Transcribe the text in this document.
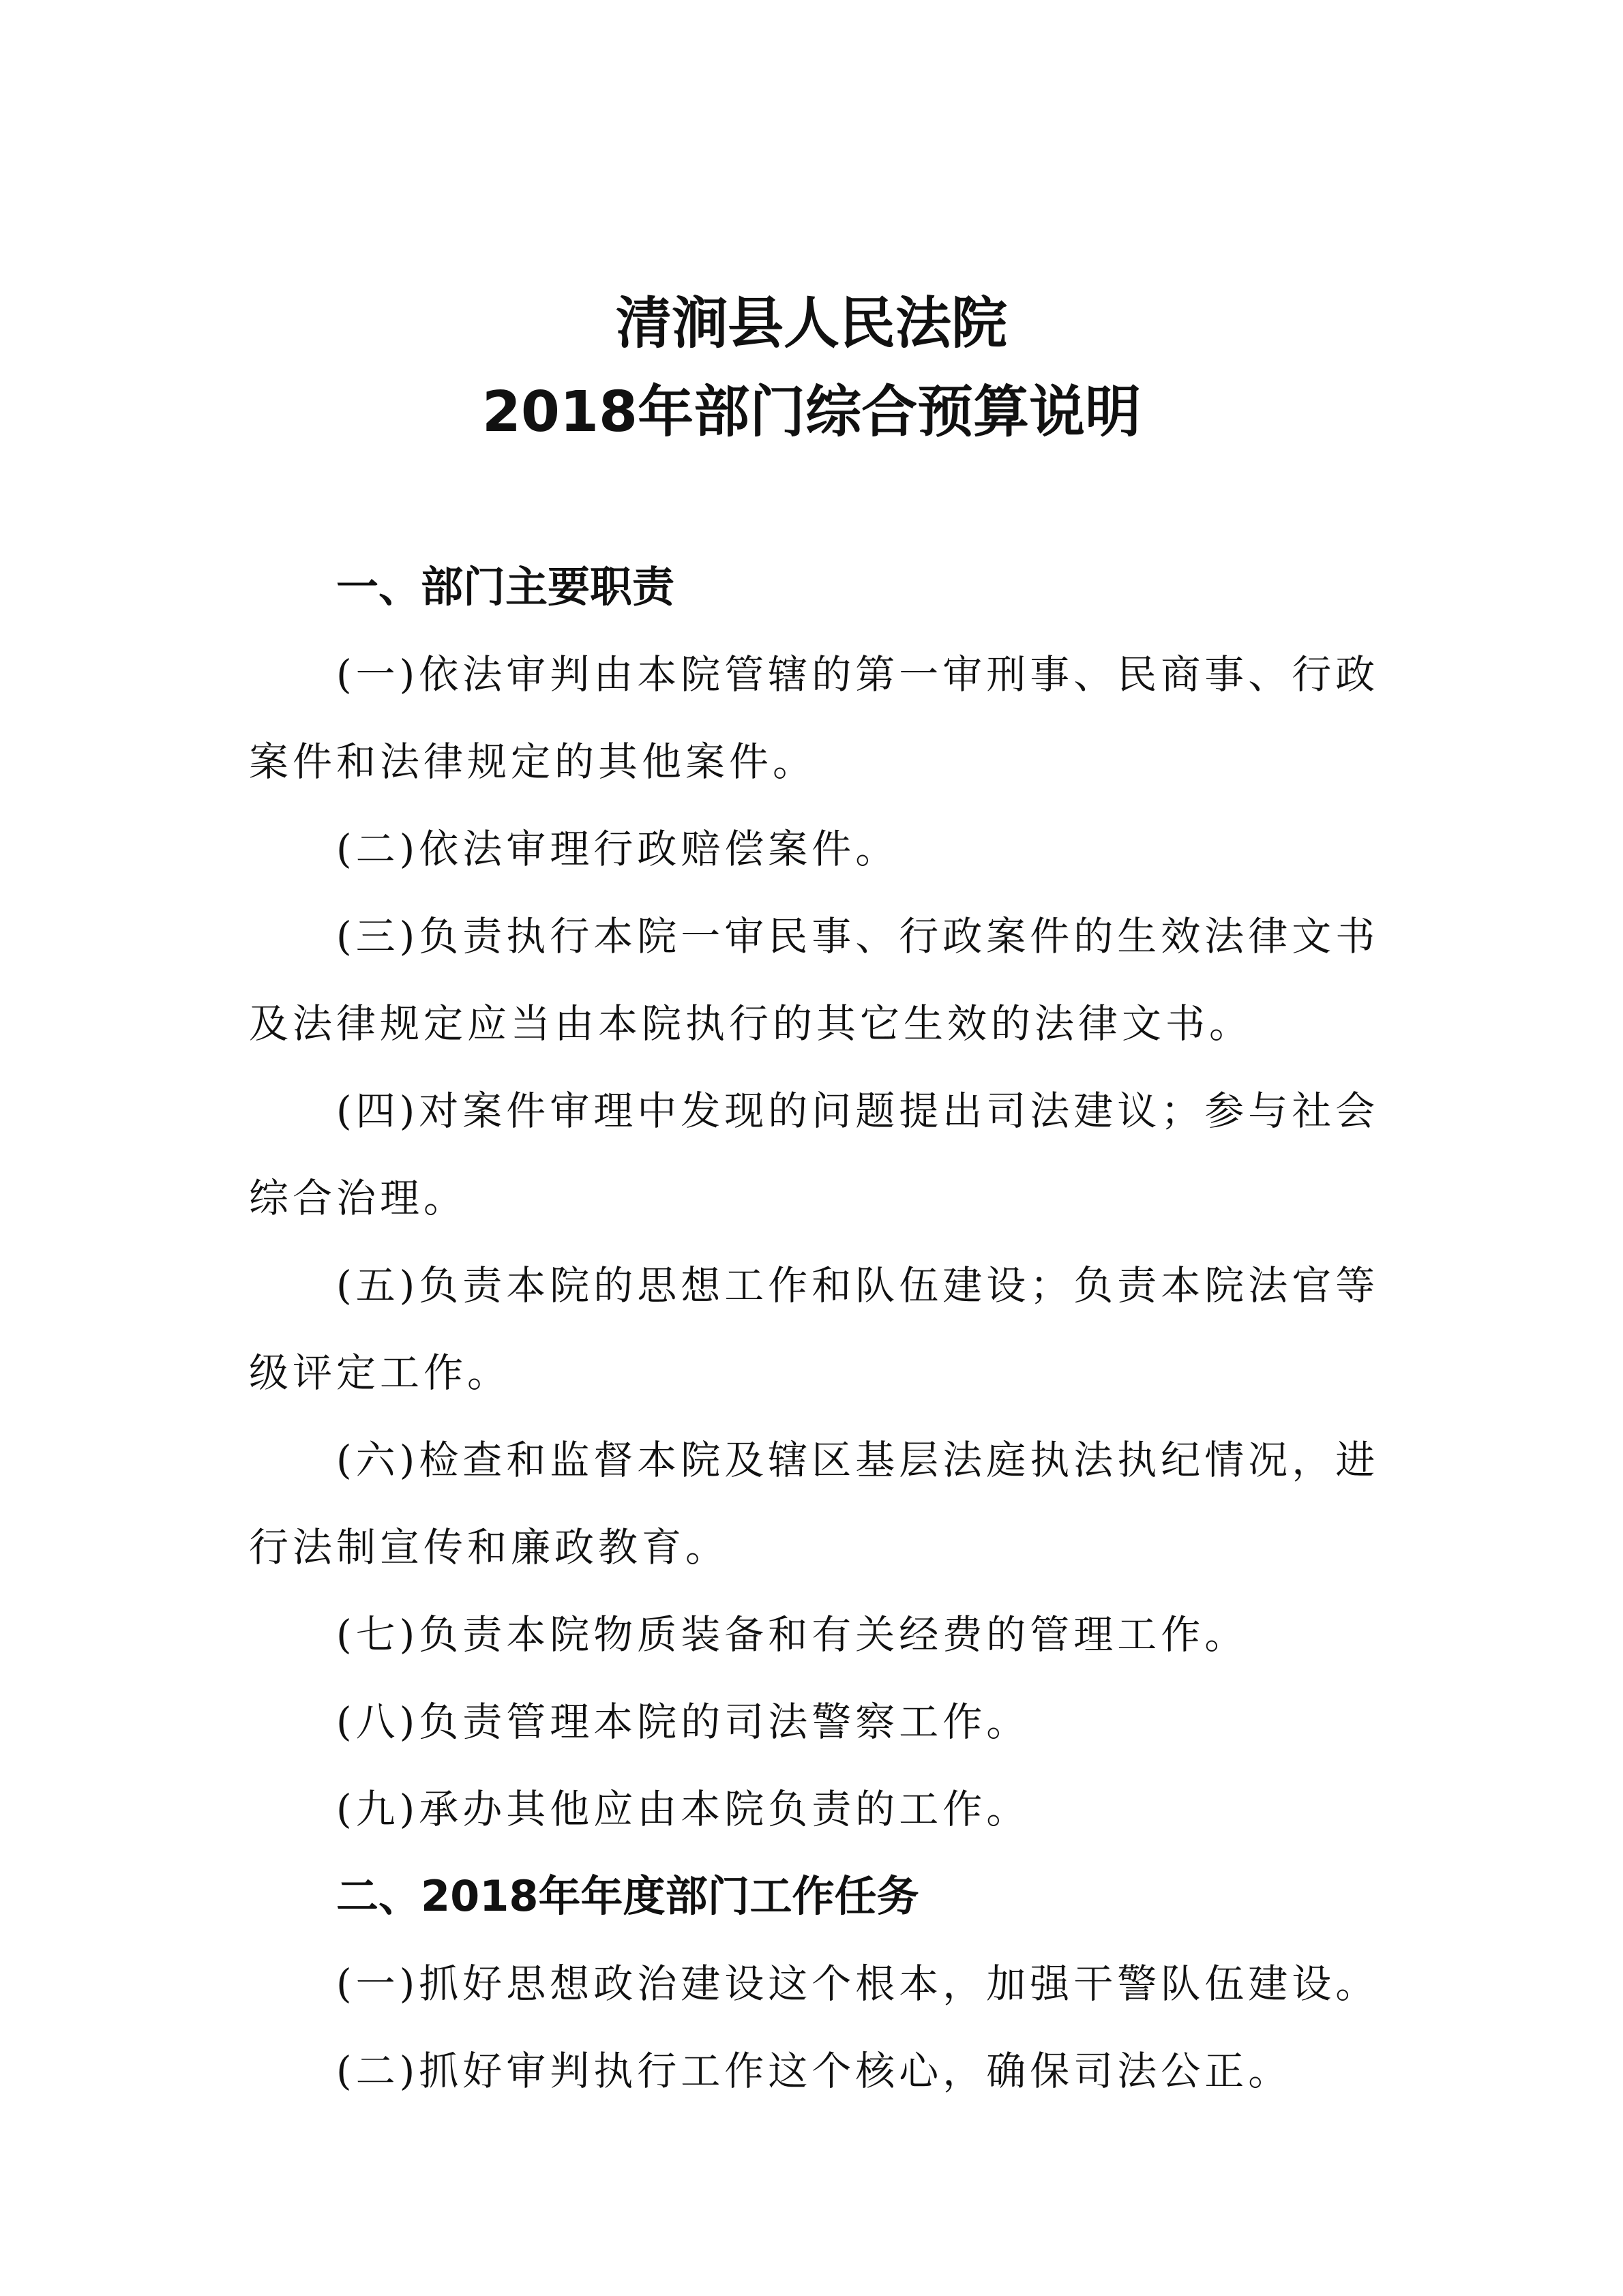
清涧县人民法院
2018年部门综合预算说明
一、部门主要职责

(一)依法审判由本院管辖的第一审刑事、民商事、行政
案件和法律规定的其他案件。

(二)依法审理行政赔偿案件。

(三)负责执行本院一审民事、行政案件的生效法律文书
及法律规定应当由本院执行的其它生效的法律文书。

(四)对案件审理中发现的问题提出司法建议；参与社会
综合治理。

(五)负责本院的思想工作和队伍建设；负责本院法官等
级评定工作。

(六)检查和监督本院及辖区基层法庭执法执纪情况，进
行法制宣传和廉政教育。

(七)负责本院物质装备和有关经费的管理工作。

(八)负责管理本院的司法警察工作。

(九)承办其他应由本院负责的工作。

二、2018年年度部门工作任务

(一)抓好思想政治建设这个根本，加强干警队伍建设。

(二)抓好审判执行工作这个核心，确保司法公正。
